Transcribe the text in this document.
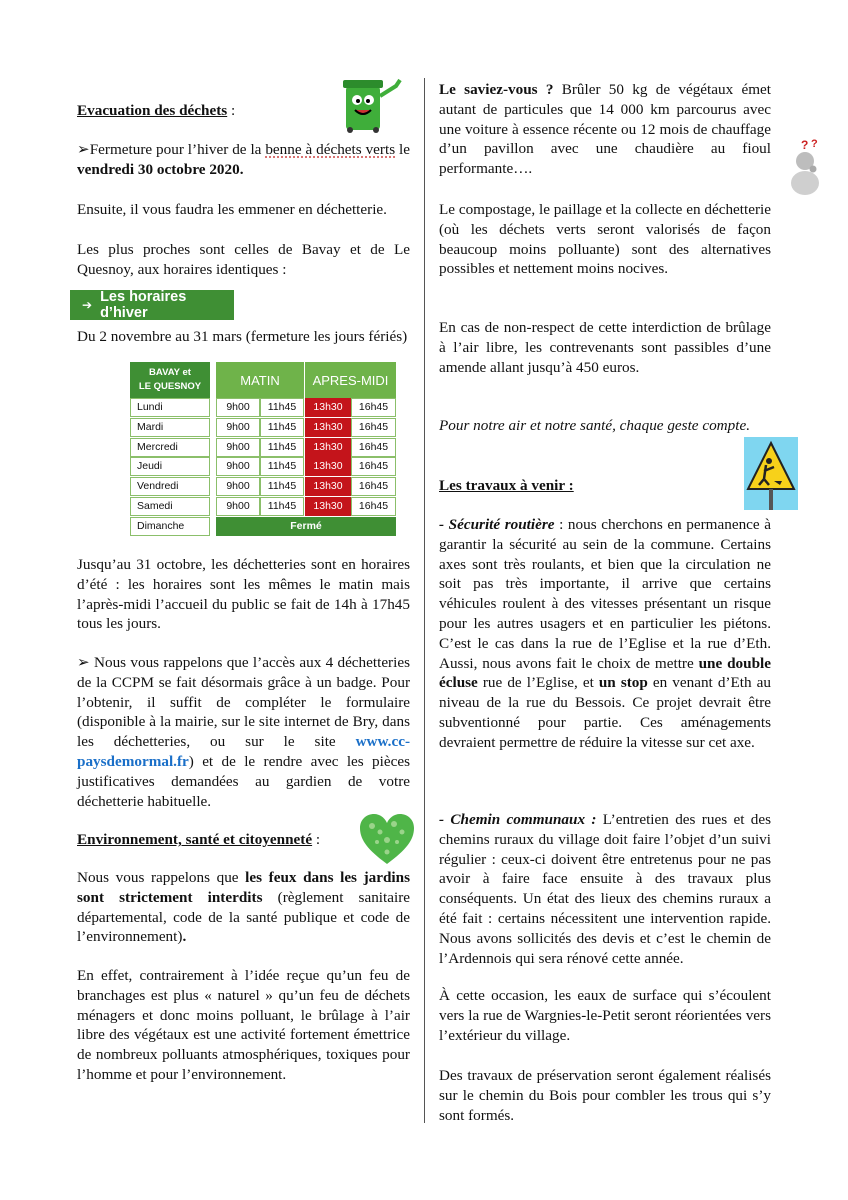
Evacuation des déchets :

➢Fermeture pour l’hiver de la benne à déchets verts le vendredi 30 octobre 2020.

Ensuite, il vous faudra les emmener en déchetterie.

Les plus proches sont celles de Bavay et de Le Quesnoy, aux horaires identiques :

➔ Les horaires d’hiver

Du 2 novembre au 31 mars (fermeture les jours fériés)

BAVAY et
LE QUESNOY	MATIN	APRES-MIDI
Lundi	9h00	11h45	13h30	16h45
Mardi	9h00	11h45	13h30	16h45
Mercredi	9h00	11h45	13h30	16h45
Jeudi	9h00	11h45	13h30	16h45
Vendredi	9h00	11h45	13h30	16h45
Samedi	9h00	11h45	13h30	16h45
Dimanche	Fermé

Jusqu’au 31 octobre, les déchetteries sont en horaires d’été : les horaires sont les mêmes le matin mais l’après-midi l’accueil du public se fait de 14h à 17h45 tous les jours.

➢ Nous vous rappelons que l’accès aux 4 déchetteries de la CCPM se fait désormais grâce à un badge. Pour l’obtenir, il suffit de compléter le formulaire (disponible à la mairie, sur le site internet de Bry, dans les déchetteries, ou sur le site www.cc-paysdemormal.fr) et de le rendre avec les pièces justificatives demandées au gardien de votre déchetterie habituelle.

Environnement, santé et citoyenneté :

Nous vous rappelons que les feux dans les jardins sont strictement interdits (règlement sanitaire départemental, code de la santé publique et code de l’environnement).

En effet, contrairement à l’idée reçue qu’un feu de branchages est plus « naturel » qu’un feu de déchets ménagers et donc moins polluant, le brûlage à l’air libre des végétaux est une activité fortement émettrice de nombreux polluants atmosphériques, toxiques pour l’homme et pour l’environnement.

Le saviez-vous ? Brûler 50 kg de végétaux émet autant de particules que 14 000 km parcourus avec une voiture à essence récente ou 12 mois de chauffage d’un pavillon avec une chaudière au fioul performante….

? ?

Le compostage, le paillage et la collecte en déchetterie (où les déchets verts seront valorisés de façon beaucoup moins polluante) sont des alternatives possibles et nettement moins nocives.

En cas de non-respect de cette interdiction de brûlage à l’air libre, les contrevenants sont passibles d’une amende allant jusqu’à 450 euros.

Pour notre air et notre santé, chaque geste compte.

Les travaux à venir :

- Sécurité routière : nous cherchons en permanence à garantir la sécurité au sein de la commune. Certains axes sont très roulants, et bien que la circulation ne soit pas très importante, il arrive que certains véhicules roulent à des vitesses présentant un risque pour les autres usagers et en particulier les piétons. C’est le cas dans la rue de l’Eglise et la rue d’Eth. Aussi, nous avons fait le choix de mettre une double écluse rue de l’Eglise, et un stop en venant d’Eth au niveau de la rue du Bessois. Ce projet devrait être subventionné pour partie. Ces aménagements devraient permettre de réduire la vitesse sur cet axe.

- Chemin communaux : L’entretien des rues et des chemins ruraux du village doit faire l’objet d’un suivi régulier : ceux-ci doivent être entretenus pour ne pas avoir à faire face ensuite à des travaux plus conséquents. Un état des lieux des chemins ruraux a été fait : certains nécessitent une intervention rapide. Nous avons sollicités des devis et c’est le chemin de l’Ardennois qui sera rénové cette année.

À cette occasion, les eaux de surface qui s’écoulent vers la rue de Wargnies-le-Petit seront réorientées vers l’extérieur du village.

Des travaux de préservation seront également réalisés sur le chemin du Bois pour combler les trous qui s’y sont formés.
